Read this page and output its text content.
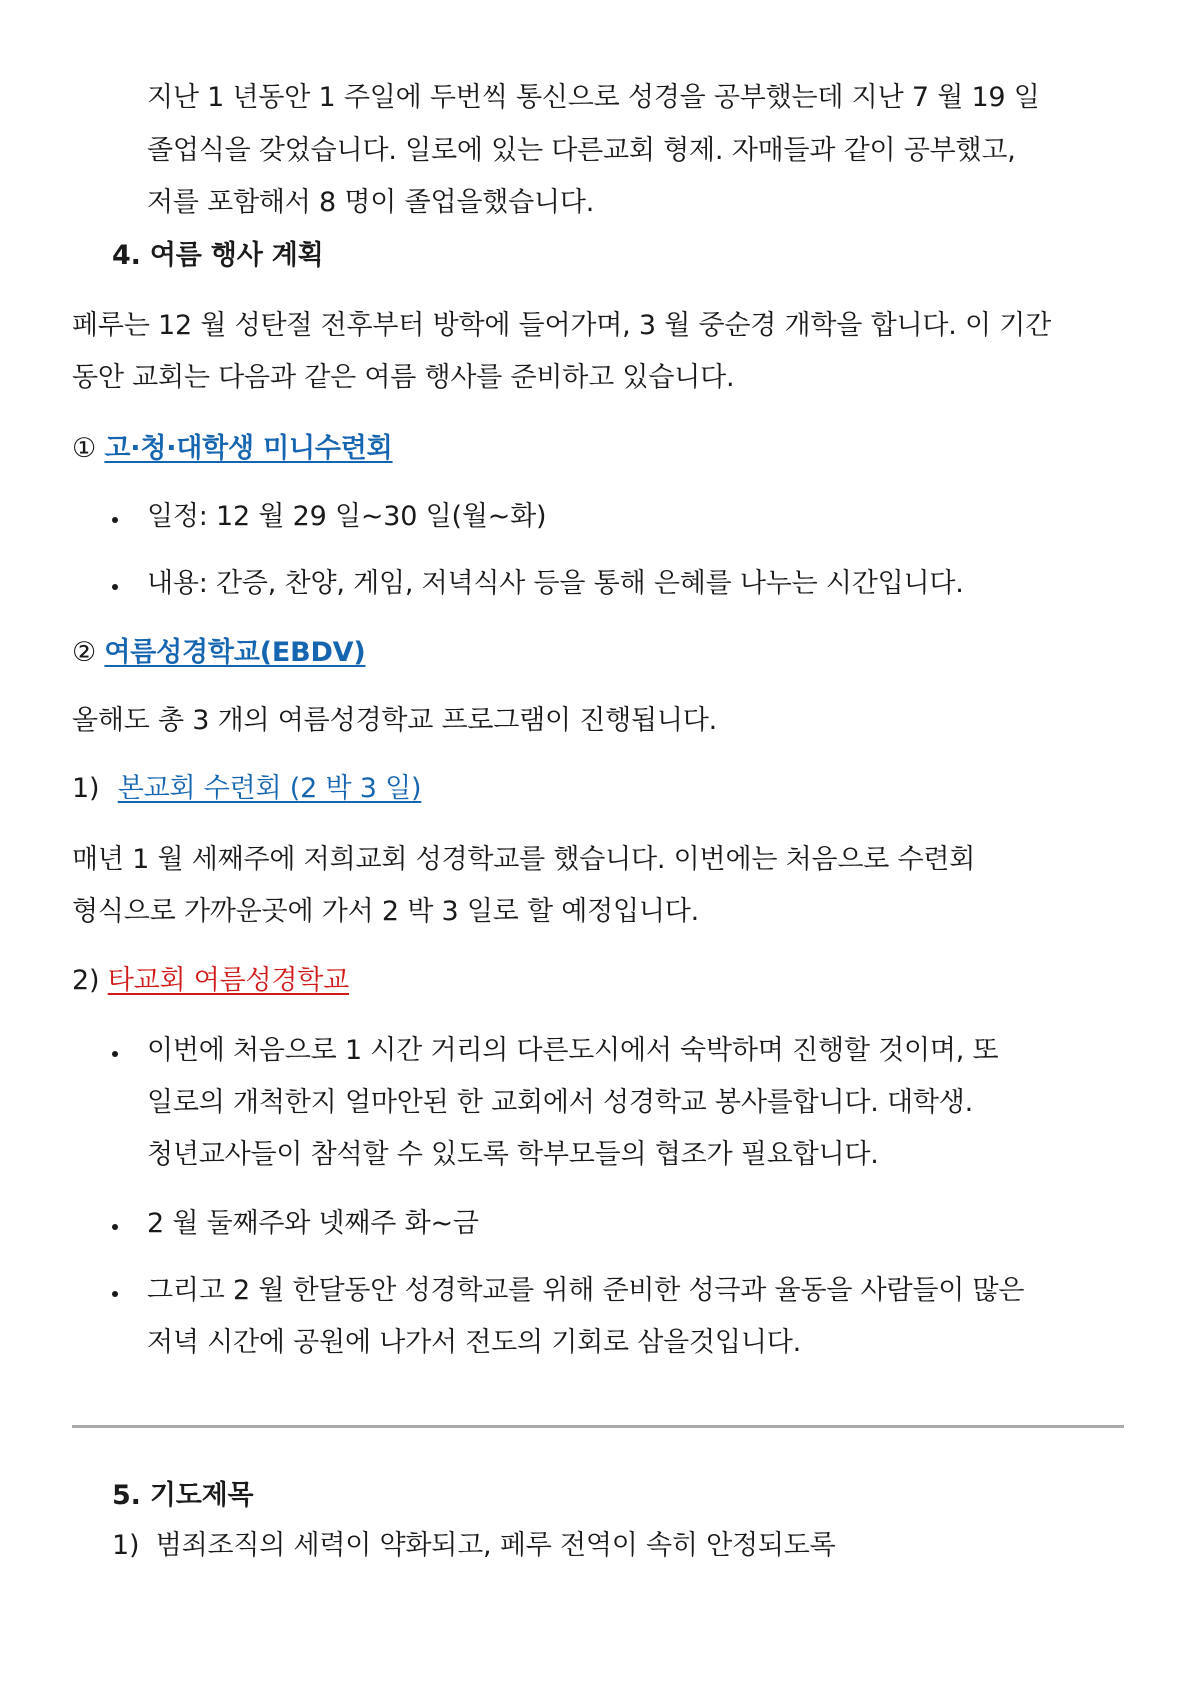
지난 1 년동안 1 주일에 두번씩 통신으로 성경을 공부했는데 지난 7 월 19 일
졸업식을 갖었습니다. 일로에 있는 다른교회 형제. 자매들과 같이 공부했고,
저를 포함해서 8 명이 졸업을했습니다.
4. 여름 행사 계획
페루는 12 월 성탄절 전후부터 방학에 들어가며, 3 월 중순경 개학을 합니다. 이 기간
동안 교회는 다음과 같은 여름 행사를 준비하고 있습니다.
① 고·청·대학생 미니수련회
일정: 12 월 29 일~30 일(월~화)
내용: 간증, 찬양, 게임, 저녁식사 등을 통해 은혜를 나누는 시간입니다.
② 여름성경학교(EBDV)
올해도 총 3 개의 여름성경학교 프로그램이 진행됩니다.
1) 본교회 수련회 (2 박 3 일)
매년 1 월 세째주에 저희교회 성경학교를 했습니다. 이번에는 처음으로 수련회
형식으로 가까운곳에 가서 2 박 3 일로 할 예정입니다.
2) 타교회 여름성경학교
이번에 처음으로 1 시간 거리의 다른도시에서 숙박하며 진행할 것이며, 또
일로의 개척한지 얼마안된 한 교회에서 성경학교 봉사를합니다. 대학생.
청년교사들이 참석할 수 있도록 학부모들의 협조가 필요합니다.
2 월 둘째주와 넷째주 화~금
그리고 2 월 한달동안 성경학교를 위해 준비한 성극과 율동을 사람들이 많은
저녁 시간에 공원에 나가서 전도의 기회로 삼을것입니다.
5. 기도제목
1) 범죄조직의 세력이 약화되고, 페루 전역이 속히 안정되도록
